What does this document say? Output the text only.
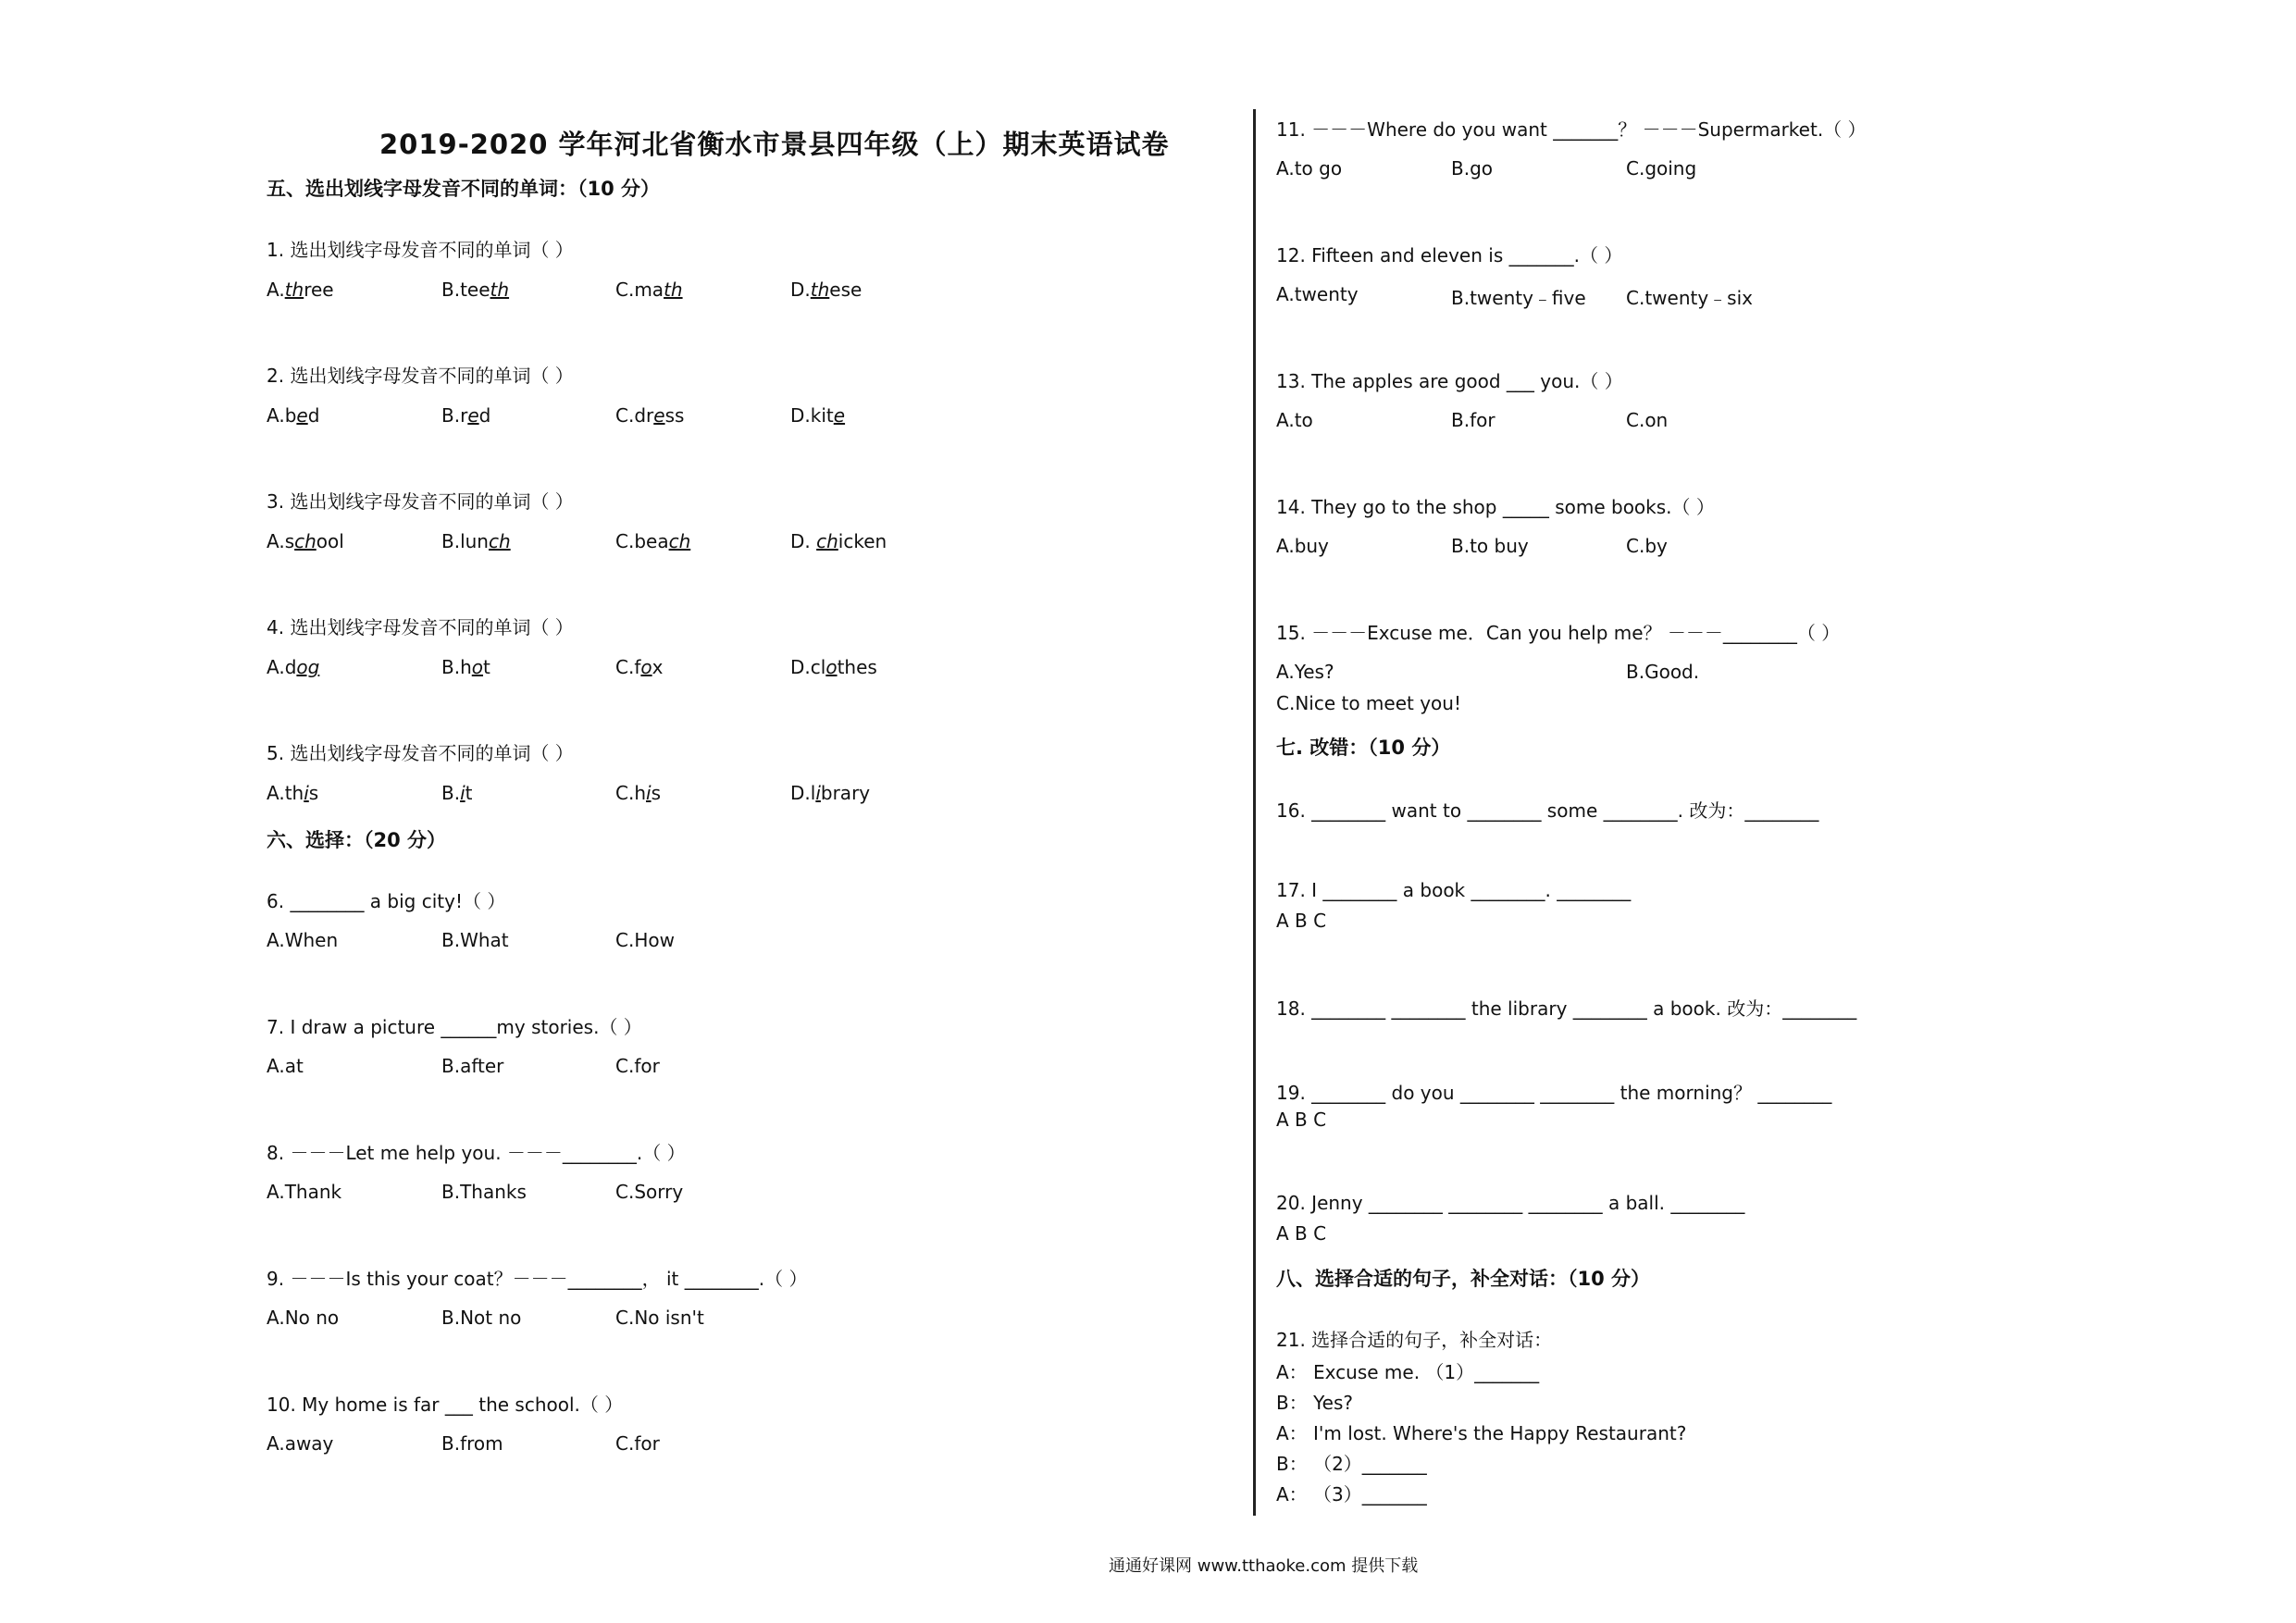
2019-2020 学年河北省衡水市景县四年级（上）期末英语试卷
五、选出划线字母发音不同的单词：（10 分）
1. 选出划线字母发音不同的单词（ ）
A.three	B.teeth	C.math	D.these
2. 选出划线字母发音不同的单词（ ）
A.bed	B.red	C.dress	D.kite
3. 选出划线字母发音不同的单词（ ）
A.school	B.lunch	C.beach	D. chicken
4. 选出划线字母发音不同的单词（ ）
A.dog	B.hot	C.fox	D.clothes
5. 选出划线字母发音不同的单词（ ）
A.this	B.it	C.his	D.library
六、选择：（20 分）
6. ________ a big city!（ ）
A.When	B.What	C.How
7. I draw a picture ______my stories.（ ）
A.at	B.after	C.for
8. －－－Let me help you. －－－________.（ ）
A.Thank	B.Thanks	C.Sorry
9. －－－Is this your coat？－－－________， it ________.（ ）
A.No no	B.Not no	C.No isn't
10. My home is far ___ the school.（ ）
A.away	B.from	C.for
11. －－－Where do you want _______？ －－－Supermarket.（ ）
A.to go	B.go	C.going
12. Fifteen and eleven is _______.（ ）
A.twenty	B.twenty﹣five C.twenty﹣six
13. The apples are good ___ you.（ ）
A.to	B.for	C.on
14. They go to the shop _____ some books.（ ）
A.buy	B.to buy	C.by
15. －－－Excuse me．Can you help me？ －－－________（ ）
A.Yes?	B.Good.
C.Nice to meet you!
七. 改错：（10 分）
16. ________ want to ________ some ________. 改为：________
17. I ________ a book ________. ________
A B C
18. ________ ________ the library ________ a book. 改为：________
19. ________ do you ________ ________ the morning？ ________
A B C
20. Jenny ________ ________ ________ a ball. ________
A B C
八、选择合适的句子，补全对话：（10 分）
21. 选择合适的句子，补全对话：
A： Excuse me. （1）_______
B： Yes?
A： I'm lost. Where's the Happy Restaurant?
B： （2）_______
A： （3）_______
通通好课网 www.tthaoke.com 提供下载
